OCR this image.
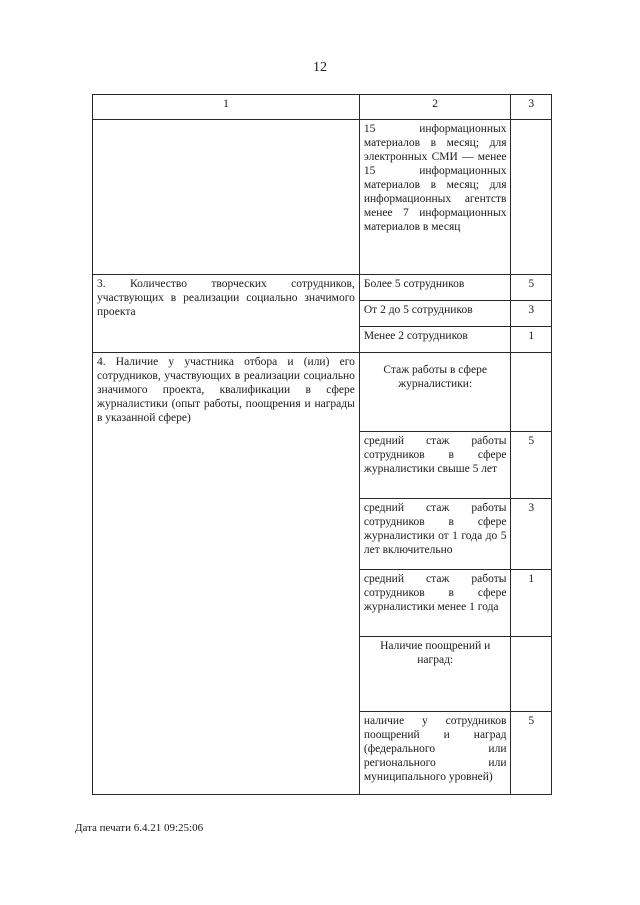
12
1	2	3
	15 информационных материалов в месяц; для электронных СМИ — менее 15 информационных материалов в месяц; для информационных агентств менее 7 информационных материалов в месяц	
3. Количество творческих сотрудников, участвующих в реализации социально значимого проекта	Более 5 сотрудников	5
	От 2 до 5 сотрудников	3
	Менее 2 сотрудников	1
4. Наличие у участника отбора и (или) его сотрудников, участвующих в реализации социально значимого проекта, квалификации в сфере журналистики (опыт работы, поощрения и награды в указанной сфере)	Стаж работы в сфере журналистики:	
	средний стаж работы сотрудников в сфере журналистики свыше 5 лет	5
	средний стаж работы сотрудников в сфере журналистики от 1 года до 5 лет включительно	3
	средний стаж работы сотрудников в сфере журналистики менее 1 года	1
	Наличие поощрений и наград:	
	наличие у сотрудников поощрений и наград (федерального или регионального или муниципального уровней)	5
Дата печати 6.4.21 09:25:06
